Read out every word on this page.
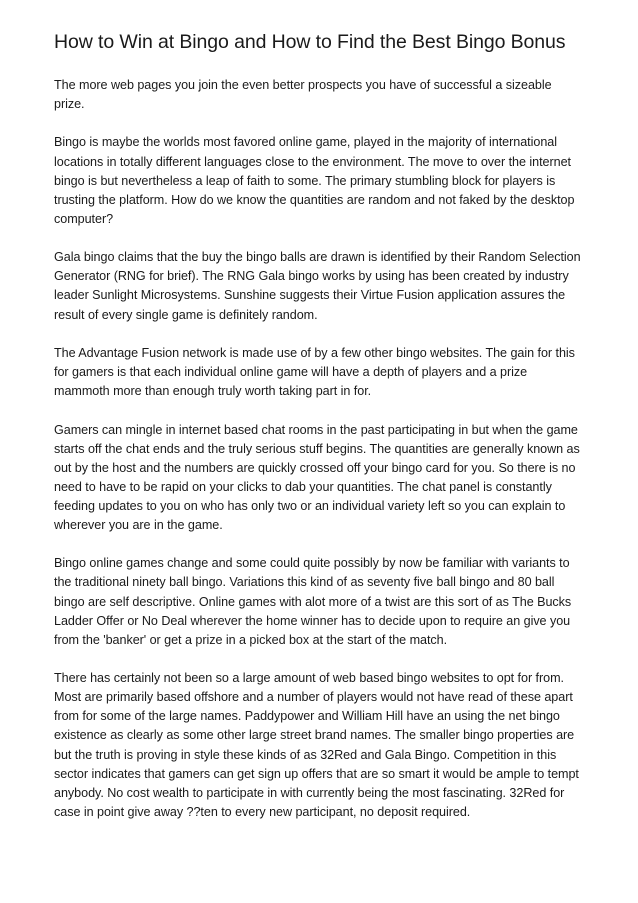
How to Win at Bingo and How to Find the Best Bingo Bonus

The more web pages you join the even better prospects you have of successful a sizeable prize.

Bingo is maybe the worlds most favored online game, played in the majority of international locations in totally different languages close to the environment. The move to over the internet bingo is but nevertheless a leap of faith to some. The primary stumbling block for players is trusting the platform. How do we know the quantities are random and not faked by the desktop computer?

Gala bingo claims that the buy the bingo balls are drawn is identified by their Random Selection Generator (RNG for brief). The RNG Gala bingo works by using has been created by industry leader Sunlight Microsystems. Sunshine suggests their Virtue Fusion application assures the result of every single game is definitely random.

The Advantage Fusion network is made use of by a few other bingo websites. The gain for this for gamers is that each individual online game will have a depth of players and a prize mammoth more than enough truly worth taking part in for.

Gamers can mingle in internet based chat rooms in the past participating in but when the game starts off the chat ends and the truly serious stuff begins. The quantities are generally known as out by the host and the numbers are quickly crossed off your bingo card for you. So there is no need to have to be rapid on your clicks to dab your quantities. The chat panel is constantly feeding updates to you on who has only two or an individual variety left so you can explain to wherever you are in the game.

Bingo online games change and some could quite possibly by now be familiar with variants to the traditional ninety ball bingo. Variations this kind of as seventy five ball bingo and 80 ball bingo are self descriptive. Online games with alot more of a twist are this sort of as The Bucks Ladder Offer or No Deal wherever the home winner has to decide upon to require an give you from the 'banker' or get a prize in a picked box at the start of the match.

There has certainly not been so a large amount of web based bingo websites to opt for from. Most are primarily based offshore and a number of players would not have read of these apart from for some of the large names. Paddypower and William Hill have an using the net bingo existence as clearly as some other large street brand names. The smaller bingo properties are but the truth is proving in style these kinds of as 32Red and Gala Bingo. Competition in this sector indicates that gamers can get sign up offers that are so smart it would be ample to tempt anybody. No cost wealth to participate in with currently being the most fascinating. 32Red for case in point give away ??ten to every new participant, no deposit required.
